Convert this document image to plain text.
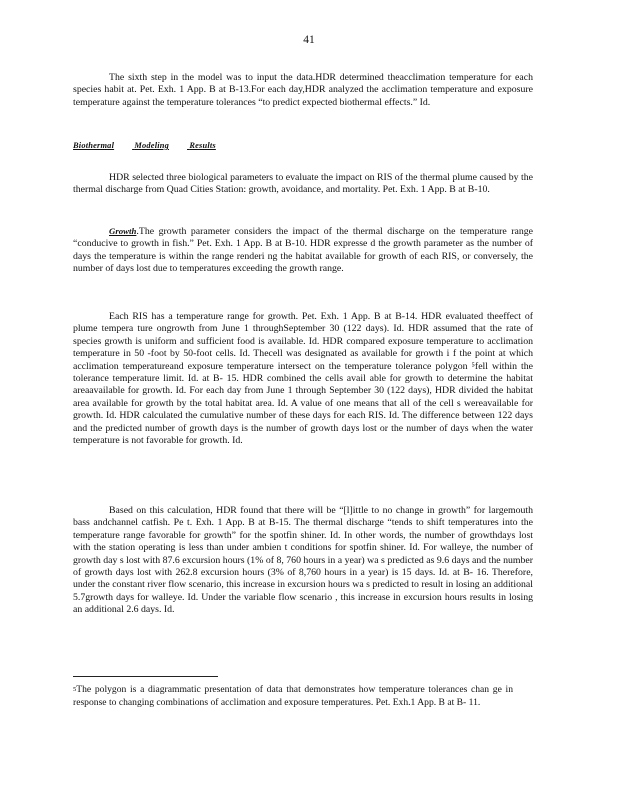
41

The sixth step in the model was to input the data.HDR determined theacclimation temperature for each species habit at. Pet. Exh. 1 App. B at B-13.For each day,HDR analyzed the acclimation temperature and exposure temperature against the temperature tolerances “to predict expected biothermal effects.” Id.

Biothermal Modeling Results

HDR selected three biological parameters to evaluate the impact on RIS of the thermal plume caused by the thermal discharge from Quad Cities Station: growth, avoidance, and mortality. Pet. Exh. 1 App. B at B-10.

Growth.The growth parameter considers the impact of the thermal discharge on the temperature range “conducive to growth in fish.” Pet. Exh. 1 App. B at B-10. HDR expresse d the growth parameter as the number of days the temperature is within the range renderi ng the habitat available for growth of each RIS, or conversely, the number of days lost due to temperatures exceeding the growth range.

Each RIS has a temperature range for growth. Pet. Exh. 1 App. B at B-14. HDR evaluated theeffect of plume tempera ture ongrowth from June 1 throughSeptember 30 (122 days). Id. HDR assumed that the rate of species growth is uniform and sufficient food is available. Id. HDR compared exposure temperature to acclimation temperature in 50 -foot by 50-foot cells. Id. Thecell was designated as available for growth i f the point at which acclimation temperatureand exposure temperature intersect on the temperature tolerance polygon ⁵fell within the tolerance temperature limit. Id. at B- 15. HDR combined the cells avail able for growth to determine the habitat areaavailable for growth. Id. For each day from June 1 through September 30 (122 days), HDR divided the habitat area available for growth by the total habitat area. Id. A value of one means that all of the cell s wereavailable for growth. Id. HDR calculated the cumulative number of these days for each RIS. Id. The difference between 122 days and the predicted number of growth days is the number of growth days lost or the number of days when the water temperature is not favorable for growth. Id.

Based on this calculation, HDR found that there will be “[l]ittle to no change in growth” for largemouth bass andchannel catfish. Pe t. Exh. 1 App. B at B-15. The thermal discharge “tends to shift temperatures into the temperature range favorable for growth” for the spotfin shiner. Id. In other words, the number of growthdays lost with the station operating is less than under ambien t conditions for spotfin shiner. Id. For walleye, the number of growth day s lost with 87.6 excursion hours (1% of 8, 760 hours in a year) wa s predicted as 9.6 days and the number of growth days lost with 262.8 excursion hours (3% of 8,760 hours in a year) is 15 days. Id. at B- 16. Therefore, under the constant river flow scenario, this increase in excursion hours wa s predicted to result in losing an additional 5.7growth days for walleye. Id. Under the variable flow scenario , this increase in excursion hours results in losing an additional 2.6 days. Id.

$^5$The polygon is a diagrammatic presentation of data that demonstrates how temperature tolerances chan ge in response to changing combinations of acclimation and exposure temperatures. Pet. Exh.1 App. B at B- 11.
